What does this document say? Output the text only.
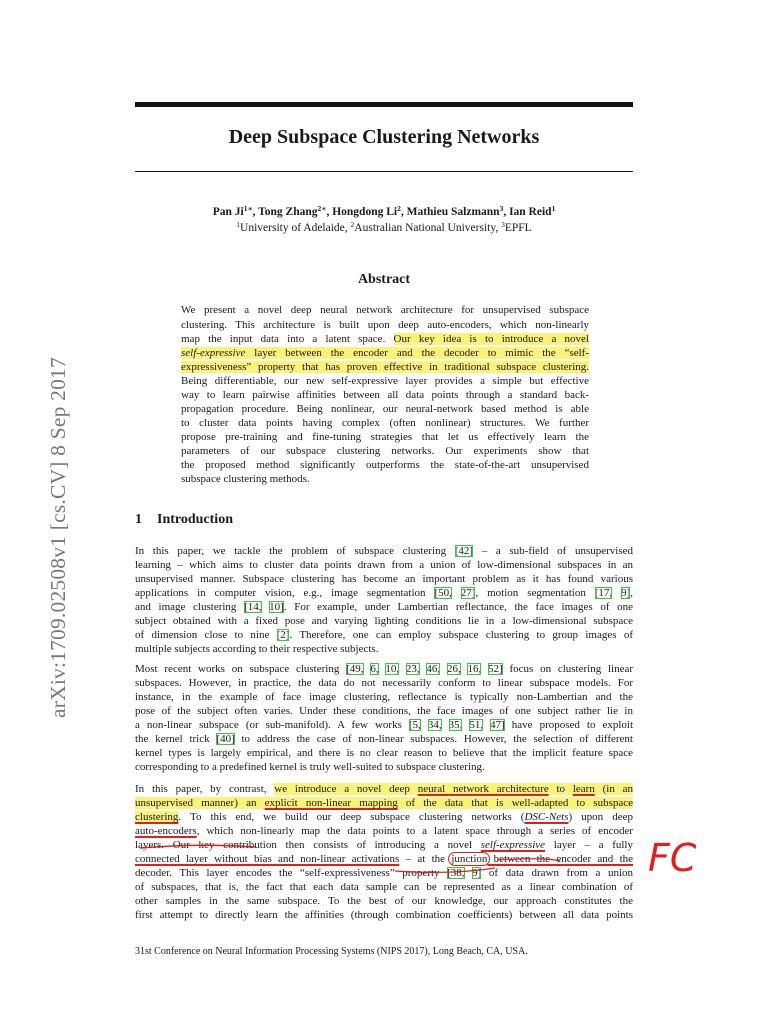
arXiv:1709.02508v1 [cs.CV] 8 Sep 2017
Deep Subspace Clustering Networks
Pan $Ji^{1∗}$, Tong Zhang$^{2∗}$, Hongdong Li$^2$, Mathieu Salzmann$^3$, Ian Reid$^1$
$^1$University of Adelaide, $^2$Australian National University, $^3$EPFL
Abstract
We present a novel deep neural network architecture for unsupervised subspace
clustering. This architecture is built upon deep auto-encoders, which non-linearly
map the input data into a latent space. Our key idea is to introduce a novel
self-expressive layer between the encoder and the decoder to mimic the “self-
expressiveness” property that has proven effective in traditional subspace clustering.
Being differentiable, our new self-expressive layer provides a simple but effective
way to learn pairwise affinities between all data points through a standard back-
propagation procedure. Being nonlinear, our neural-network based method is able
to cluster data points having complex (often nonlinear) structures. We further
propose pre-training and fine-tuning strategies that let us effectively learn the
parameters of our subspace clustering networks. Our experiments show that
the proposed method significantly outperforms the state-of-the-art unsupervised
subspace clustering methods.
1 Introduction
In this paper, we tackle the problem of subspace clustering [42] – a sub-field of unsupervised
learning – which aims to cluster data points drawn from a union of low-dimensional subspaces in an
unsupervised manner. Subspace clustering has become an important problem as it has found various
applications in computer vision, e.g., image segmentation [50, 27], motion segmentation [17, 9],
and image clustering [14, 10]. For example, under Lambertian reflectance, the face images of one
subject obtained with a fixed pose and varying lighting conditions lie in a low-dimensional subspace
of dimension close to nine [2]. Therefore, one can employ subspace clustering to group images of
multiple subjects according to their respective subjects.
Most recent works on subspace clustering [49, 6, 10, 23, 46, 26, 16, 52] focus on clustering linear
subspaces. However, in practice, the data do not necessarily conform to linear subspace models. For
instance, in the example of face image clustering, reflectance is typically non-Lambertian and the
pose of the subject often varies. Under these conditions, the face images of one subject rather lie in
a non-linear subspace (or sub-manifold). A few works [5, 34, 35, 51, 47] have proposed to exploit
the kernel trick [40] to address the case of non-linear subspaces. However, the selection of different
kernel types is largely empirical, and there is no clear reason to believe that the implicit feature space
corresponding to a predefined kernel is truly well-suited to subspace clustering.
In this paper, by contrast, we introduce a novel deep neural network architecture to learn (in an
unsupervised manner) an explicit non-linear mapping of the data that is well-adapted to subspace
clustering. To this end, we build our deep subspace clustering networks (DSC-Nets) upon deep
auto-encoders, which non-linearly map the data points to a latent space through a series of encoder
layers. Our key contribution then consists of introducing a novel self-expressive layer – a fully
connected layer without bias and non-linear activations – at the junction between the encoder and the
decoder. This layer encodes the “self-expressiveness” property [38, 9] of data drawn from a union
of subspaces, that is, the fact that each data sample can be represented as a linear combination of
other samples in the same subspace. To the best of our knowledge, our approach constitutes the
first attempt to directly learn the affinities (through combination coefficients) between all data points
FC
31st Conference on Neural Information Processing Systems (NIPS 2017), Long Beach, CA, USA.
